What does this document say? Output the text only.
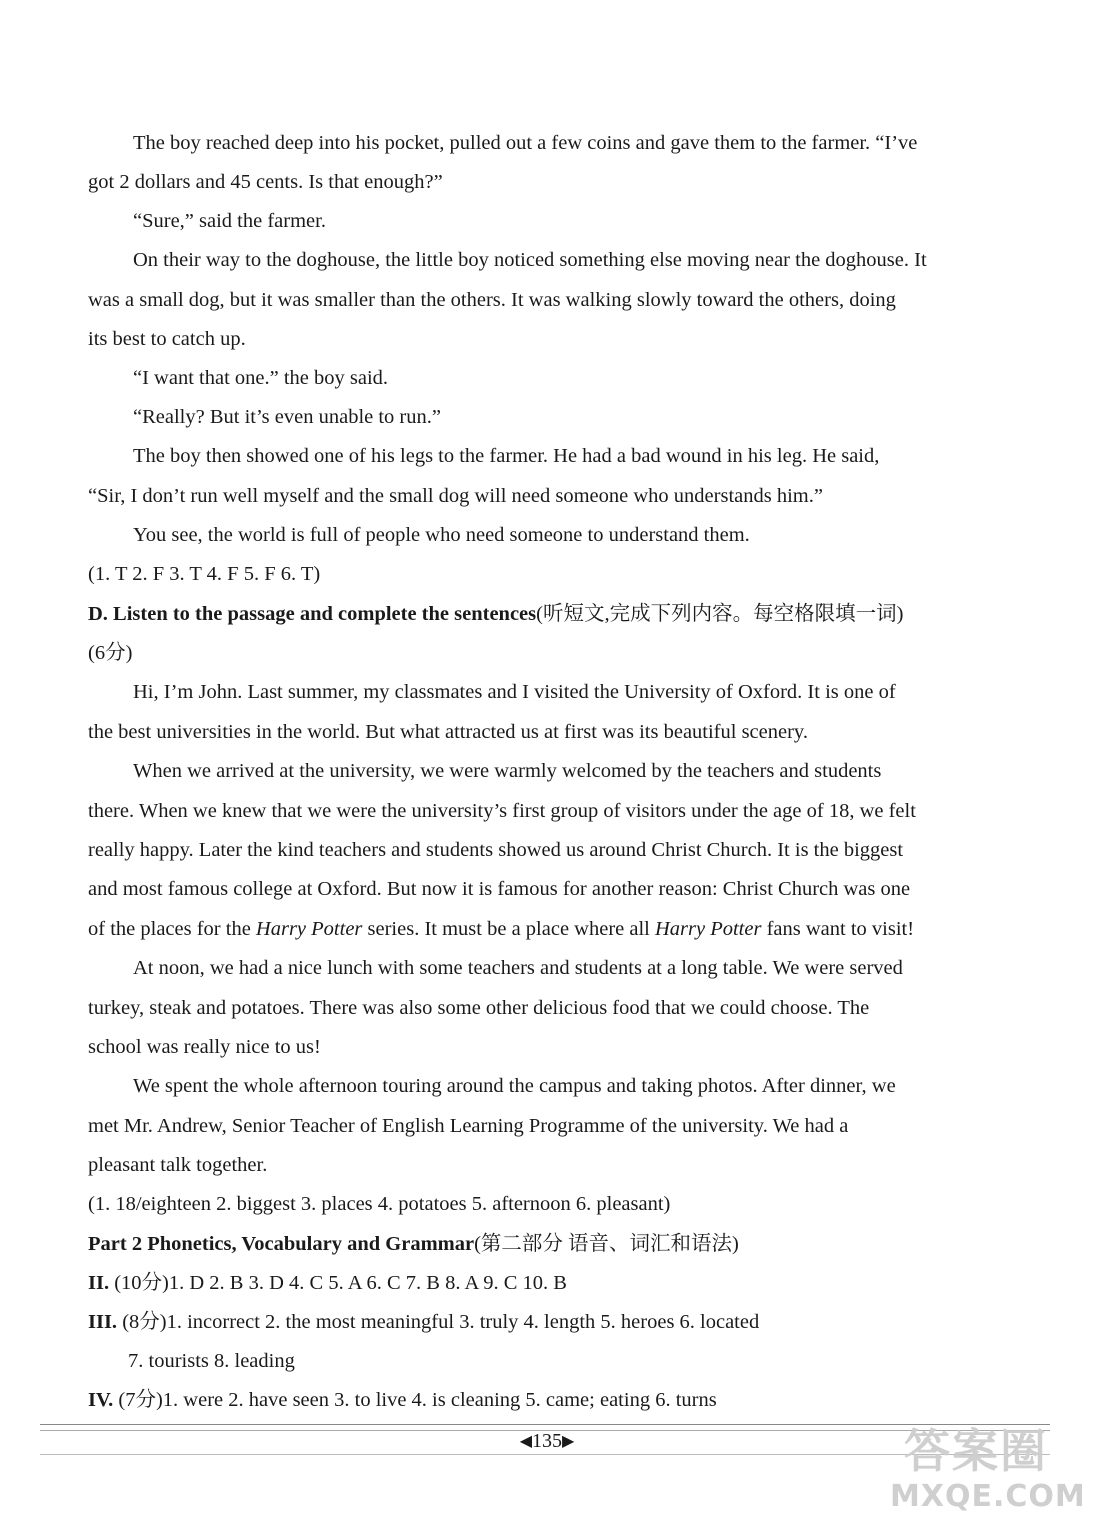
The boy reached deep into his pocket, pulled out a few coins and gave them to the farmer. “I’ve
got 2 dollars and 45 cents. Is that enough?”
“Sure,” said the farmer.
On their way to the doghouse, the little boy noticed something else moving near the doghouse. It
was a small dog, but it was smaller than the others. It was walking slowly toward the others, doing
its best to catch up.
“I want that one.” the boy said.
“Really? But it’s even unable to run.”
The boy then showed one of his legs to the farmer. He had a bad wound in his leg. He said,
“Sir, I don’t run well myself and the small dog will need someone who understands him.”
You see, the world is full of people who need someone to understand them.
(1. T 2. F 3. T 4. F 5. F 6. T)
D. Listen to the passage and complete the sentences(听短文,完成下列内容。每空格限填一词)
(6分)
Hi, I’m John. Last summer, my classmates and I visited the University of Oxford. It is one of
the best universities in the world. But what attracted us at first was its beautiful scenery.
When we arrived at the university, we were warmly welcomed by the teachers and students
there. When we knew that we were the university’s first group of visitors under the age of 18, we felt
really happy. Later the kind teachers and students showed us around Christ Church. It is the biggest
and most famous college at Oxford. But now it is famous for another reason: Christ Church was one
of the places for the Harry Potter series. It must be a place where all Harry Potter fans want to visit!
At noon, we had a nice lunch with some teachers and students at a long table. We were served
turkey, steak and potatoes. There was also some other delicious food that we could choose. The
school was really nice to us!
We spent the whole afternoon touring around the campus and taking photos. After dinner, we
met Mr. Andrew, Senior Teacher of English Learning Programme of the university. We had a
pleasant talk together.
(1. 18/eighteen 2. biggest 3. places 4. potatoes 5. afternoon 6. pleasant)
Part 2 Phonetics, Vocabulary and Grammar(第二部分 语音、词汇和语法)
II. (10分)1. D 2. B 3. D 4. C 5. A 6. C 7. B 8. A 9. C 10. B
III. (8分)1. incorrect 2. the most meaningful 3. truly 4. length 5. heroes 6. located
7. tourists 8. leading
IV. (7分)1. were 2. have seen 3. to live 4. is cleaning 5. came; eating 6. turns
◀135▶	答案圈
MXQE.COM
